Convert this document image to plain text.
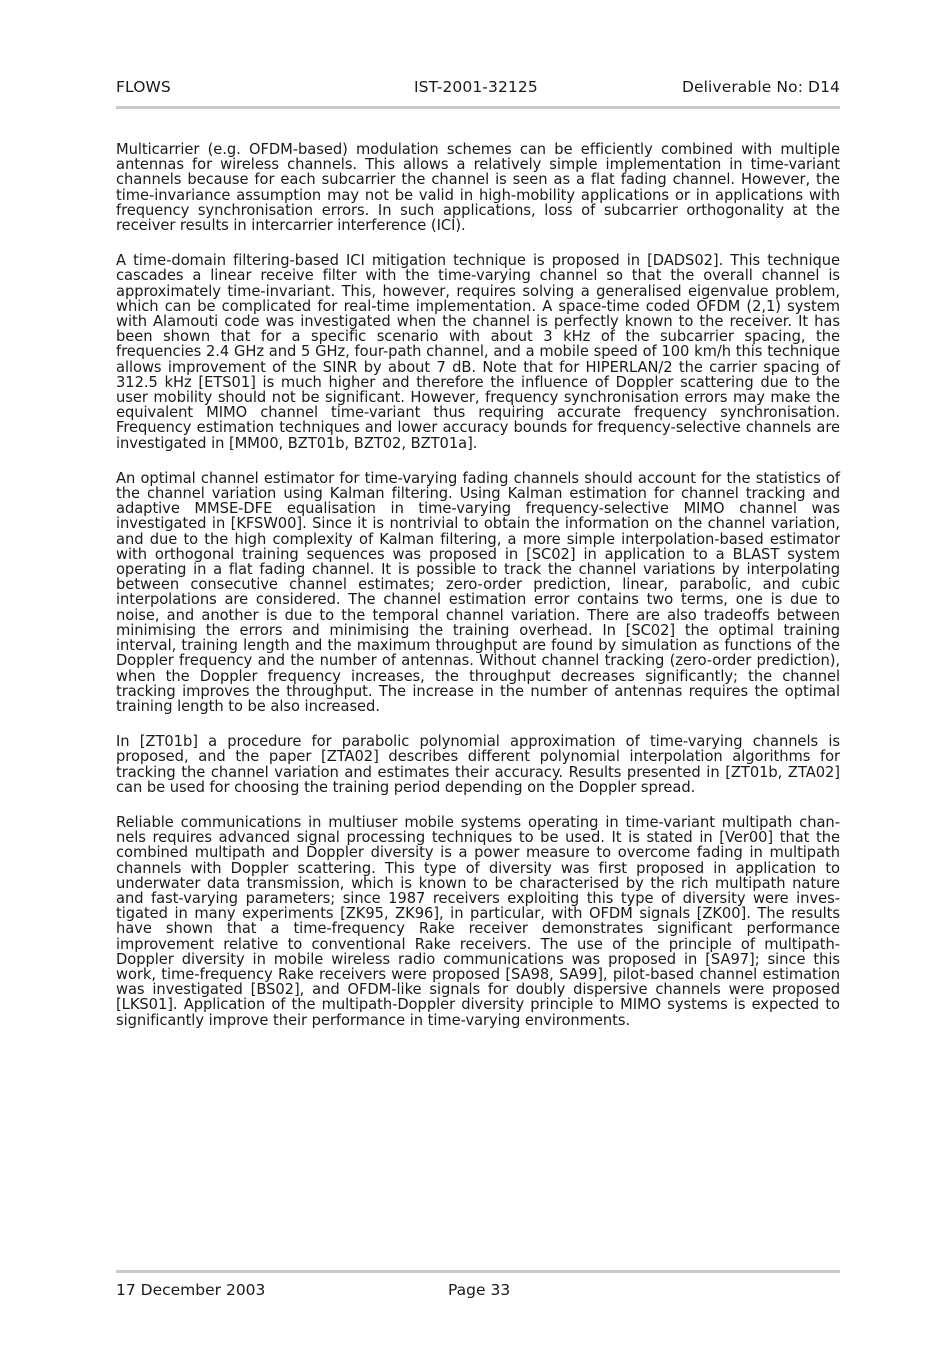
FLOWS	IST-2001-32125	Deliverable No: D14

Multicarrier (e.g. OFDM-based) modulation schemes can be efficiently combined with multiple antennas for wireless channels. This allows a relatively simple implementation in time-variant channels because for each subcarrier the channel is seen as a flat fading channel. However, the time-invariance assumption may not be valid in high-mobility applications or in applications with frequency synchronisation errors. In such applications, loss of subcarrier orthogonality at the receiver results in intercarrier interference (ICI).

A time-domain filtering-based ICI mitigation technique is proposed in [DADS02]. This technique cascades a linear receive filter with the time-varying channel so that the overall channel is approximately time-invariant. This, however, requires solving a generalised eigenvalue problem, which can be complicated for real-time implementation. A space-time coded OFDM (2,1) system with Alamouti code was investigated when the channel is perfectly known to the receiver. It has been shown that for a specific scenario with about 3 kHz of the subcarrier spacing, the frequencies 2.4 GHz and 5 GHz, four-path channel, and a mobile speed of 100 km/h this technique allows improvement of the SINR by about 7 dB. Note that for HIPERLAN/2 the carrier spacing of 312.5 kHz [ETS01] is much higher and therefore the influence of Doppler scattering due to the user mobility should not be significant. However, frequency synchronisation errors may make the equivalent MIMO channel time-variant thus requiring accurate frequency synchronisation. Frequency estimation techniques and lower accuracy bounds for frequency-selective channels are investigated in [MM00, BZT01b, BZT02, BZT01a].

An optimal channel estimator for time-varying fading channels should account for the statistics of the channel variation using Kalman filtering. Using Kalman estimation for channel tracking and adaptive MMSE-DFE equalisation in time-varying frequency-selective MIMO channel was investigated in [KFSW00]. Since it is nontrivial to obtain the information on the channel variation, and due to the high complexity of Kalman filtering, a more simple interpolation-based estimator with orthogonal training sequences was proposed in [SC02] in application to a BLAST system operating in a flat fading channel. It is possible to track the channel variations by interpolating between consecutive channel estimates; zero-order prediction, linear, parabolic, and cubic interpolations are considered. The channel estimation error contains two terms, one is due to noise, and another is due to the temporal channel variation. There are also tradeoffs between minimising the errors and minimising the training overhead. In [SC02] the optimal training interval, training length and the maximum throughput are found by simulation as functions of the Doppler frequency and the number of antennas. Without channel tracking (zero-order prediction), when the Doppler frequency increases, the throughput decreases significantly; the channel tracking improves the throughput. The increase in the number of antennas requires the optimal training length to be also increased.

In [ZT01b] a procedure for parabolic polynomial approximation of time-varying channels is proposed, and the paper [ZTA02] describes different polynomial interpolation algorithms for tracking the channel variation and estimates their accuracy. Results presented in [ZT01b, ZTA02] can be used for choosing the training period depending on the Doppler spread.

Reliable communications in multiuser mobile systems operating in time-variant multipath channels requires advanced signal processing techniques to be used. It is stated in [Ver00] that the combined multipath and Doppler diversity is a power measure to overcome fading in multipath channels with Doppler scattering. This type of diversity was first proposed in application to underwater data transmission, which is known to be characterised by the rich multipath nature and fast-varying parameters; since 1987 receivers exploiting this type of diversity were investigated in many experiments [ZK95, ZK96], in particular, with OFDM signals [ZK00]. The results have shown that a time-frequency Rake receiver demonstrates significant performance improvement relative to conventional Rake receivers. The use of the principle of multipath-Doppler diversity in mobile wireless radio communications was proposed in [SA97]; since this work, time-frequency Rake receivers were proposed [SA98, SA99], pilot-based channel estimation was investigated [BS02], and OFDM-like signals for doubly dispersive channels were proposed [LKS01]. Application of the multipath-Doppler diversity principle to MIMO systems is expected to significantly improve their performance in time-varying environments.

17 December 2003	Page 33
